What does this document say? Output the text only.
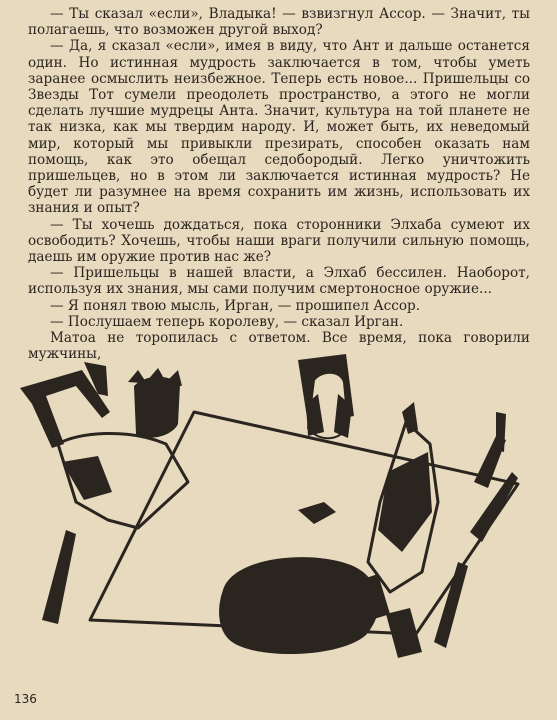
— Ты сказал «если», Владыка! — взвизгнул Ассор. — Значит, ты полагаешь, что возможен другой выход?

— Да, я сказал «если», имея в виду, что Ант и дальше останется один. Но истинная мудрость заключается в том, чтобы уметь заранее осмыслить неизбежное. Теперь есть новое... Пришельцы со Звезды Тот сумели преодолеть пространство, а этого не могли сделать лучшие мудрецы Анта. Значит, культура на той планете не так низка, как мы твердим народу. И, может быть, их неведомый мир, который мы привыкли презирать, способен оказать нам помощь, как это обещал седобородый. Легко уничтожить пришельцев, но в этом ли заключается истинная мудрость? Не будет ли разумнее на время сохранить им жизнь, использовать их знания и опыт?

— Ты хочешь дождаться, пока сторонники Элхаба сумеют их освободить? Хочешь, чтобы наши враги получили сильную помощь, даешь им оружие против нас же?

— Пришельцы в нашей власти, а Элхаб бессилен. Наоборот, используя их знания, мы сами получим смертоносное оружие...

— Я понял твою мысль, Ирган, — прошипел Ассор.

— Послушаем теперь королеву, — сказал Ирган.

Матоа не торопилась с ответом. Все время, пока говорили мужчины,

136
